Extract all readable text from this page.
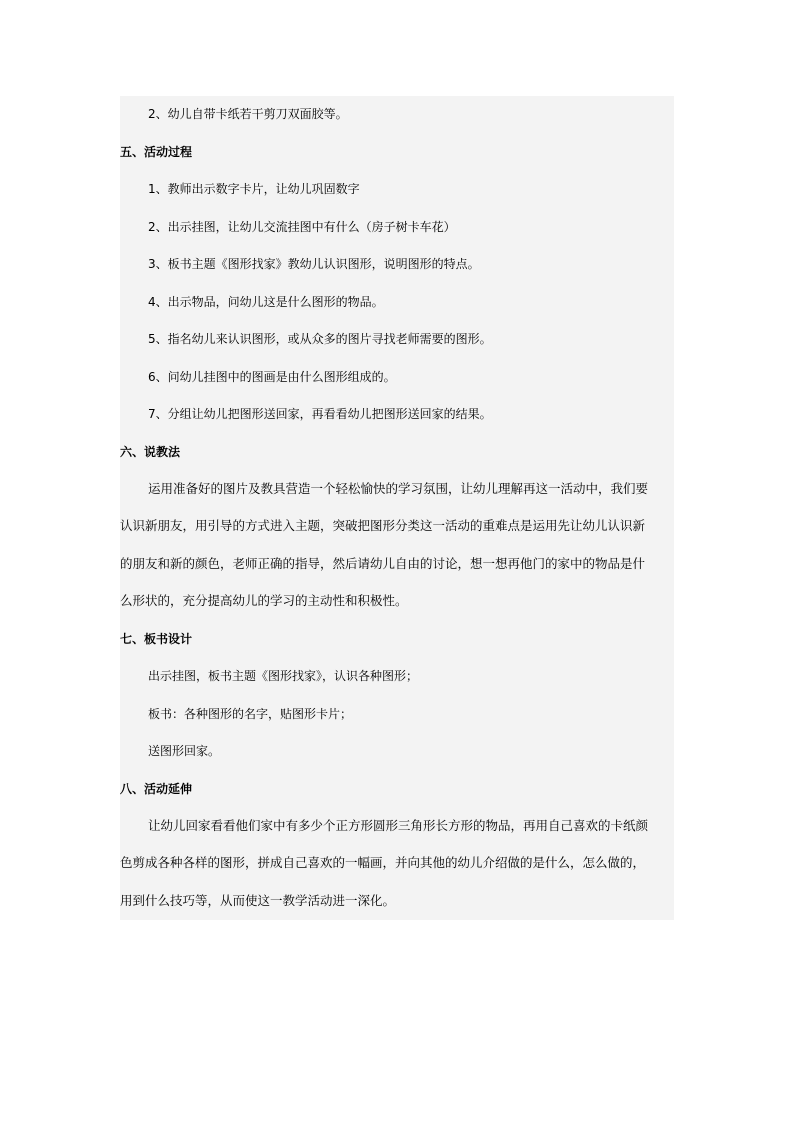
2、幼儿自带卡纸若干剪刀双面胶等。
五、活动过程
1、教师出示数字卡片，让幼儿巩固数字
2、出示挂图，让幼儿交流挂图中有什么（房子树卡车花）
3、板书主题《图形找家》教幼儿认识图形，说明图形的特点。
4、出示物品，问幼儿这是什么图形的物品。
5、指名幼儿来认识图形，或从众多的图片寻找老师需要的图形。
6、问幼儿挂图中的图画是由什么图形组成的。
7、分组让幼儿把图形送回家，再看看幼儿把图形送回家的结果。
六、说教法
运用准备好的图片及教具营造一个轻松愉快的学习氛围，让幼儿理解再这一活动中，我们要
认识新朋友，用引导的方式进入主题，突破把图形分类这一活动的重难点是运用先让幼儿认识新
的朋友和新的颜色，老师正确的指导，然后请幼儿自由的讨论，想一想再他门的家中的物品是什
么形状的，充分提高幼儿的学习的主动性和积极性。
七、板书设计
出示挂图，板书主题《图形找家》，认识各种图形；
板书：各种图形的名字，贴图形卡片；
送图形回家。
八、活动延伸
让幼儿回家看看他们家中有多少个正方形圆形三角形长方形的物品，再用自己喜欢的卡纸颜
色剪成各种各样的图形，拼成自己喜欢的一幅画，并向其他的幼儿介绍做的是什么，怎么做的，
用到什么技巧等，从而使这一教学活动进一深化。
